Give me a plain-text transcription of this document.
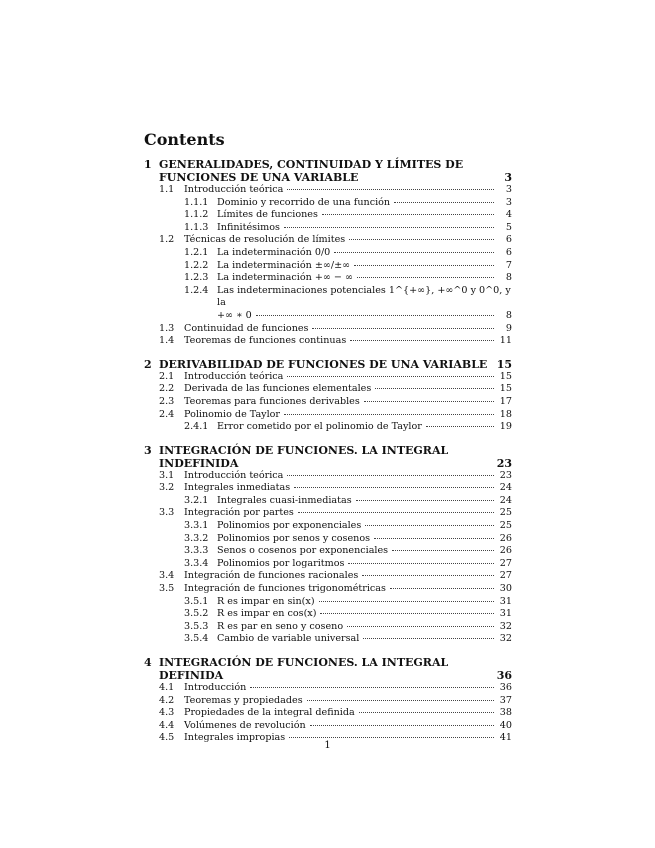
Contents
1 GENERALIDADES, CONTINUIDAD Y LÍMITES DE FUNCIONES DE UNA VARIABLE	3
1.1	Introducción teórica	3
1.1.1 Dominio y recorrido de una función	3
1.1.2 Límites de funciones	4
1.1.3 Infinitésimos	5
1.2	Técnicas de resolución de límites	6
1.2.1 La indeterminación 0/0	6
1.2.2 La indeterminación ±∞/±∞	7
1.2.3 La indeterminación +∞ − ∞	8
1.2.4 Las indeterminaciones potenciales 1^{+∞}, +∞^0 y 0^0, y la
+∞ ∗ 0	8
1.3	Continuidad de funciones	9
1.4	Teoremas de funciones continuas	11
2 DERIVABILIDAD DE FUNCIONES DE UNA VARIABLE 15
2.1	Introducción teórica	15
2.2	Derivada de las funciones elementales	15
2.3	Teoremas para funciones derivables	17
2.4	Polinomio de Taylor	18
2.4.1 Error cometido por el polinomio de Taylor	19
3 INTEGRACIÓN DE FUNCIONES. LA INTEGRAL INDEFINIDA	23
3.1	Introducción teórica	23
3.2	Integrales inmediatas	24
3.2.1 Integrales cuasi-inmediatas	24
3.3	Integración por partes	25
3.3.1 Polinomios por exponenciales	25
3.3.2 Polinomios por senos y cosenos	26
3.3.3 Senos o cosenos por exponenciales	26
3.3.4 Polinomios por logaritmos	27
3.4	Integración de funciones racionales	27
3.5	Integración de funciones trigonométricas	30
3.5.1 R es impar en sin(x)	31
3.5.2 R es impar en cos(x)	31
3.5.3 R es par en seno y coseno	32
3.5.4 Cambio de variable universal	32
4 INTEGRACIÓN DE FUNCIONES. LA INTEGRAL DEFINIDA	36
4.1	Introducción	36
4.2	Teoremas y propiedades	37
4.3	Propiedades de la integral definida	38
4.4	Volúmenes de revolución	40
4.5	Integrales impropias	41
1
